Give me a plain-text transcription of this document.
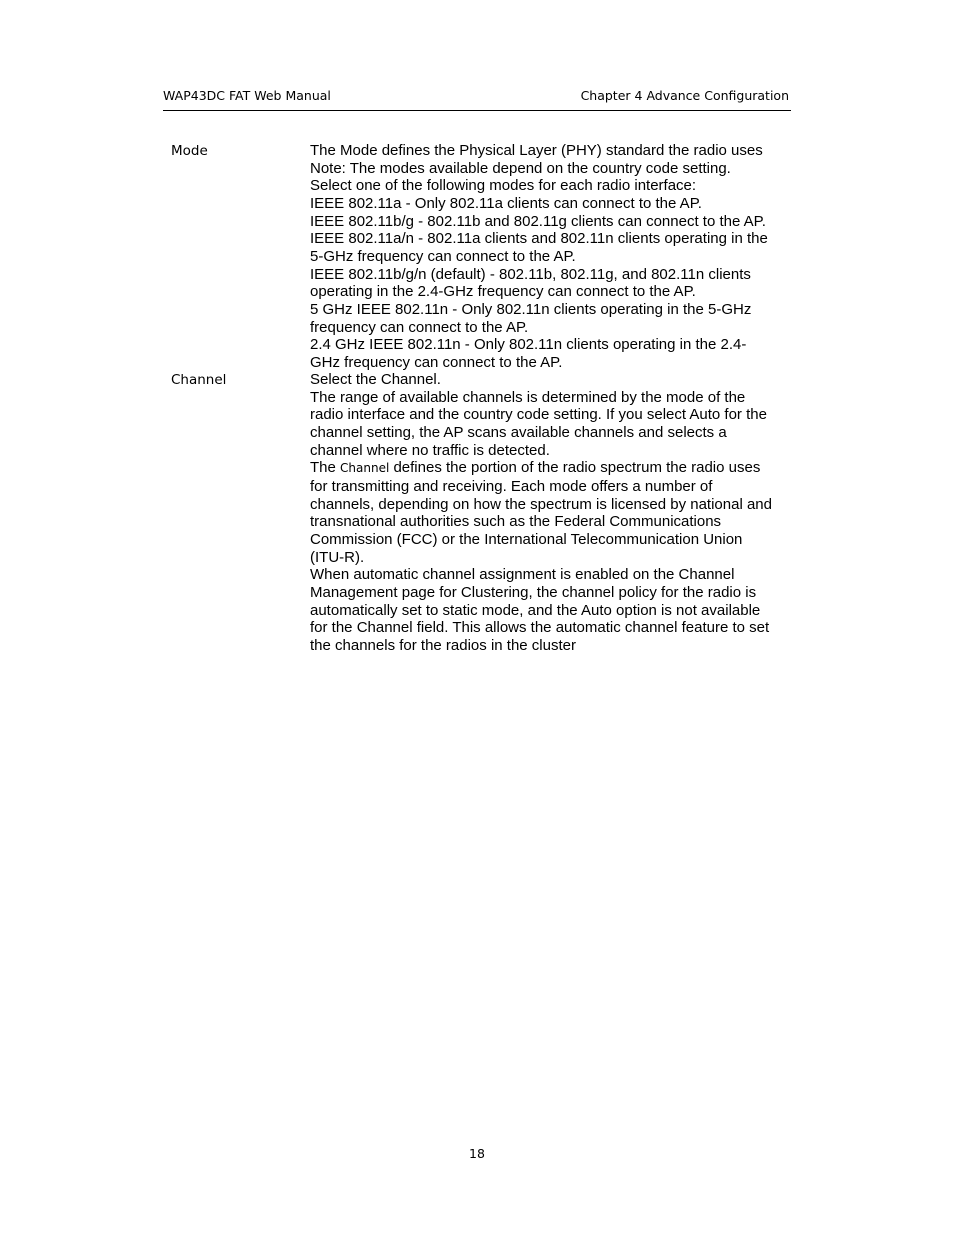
WAP43DC FAT Web Manual	Chapter 4 Advance Configuration
Mode	The Mode defines the Physical Layer (PHY) standard the radio uses
Note: The modes available depend on the country code setting.
Select one of the following modes for each radio interface:
IEEE 802.11a - Only 802.11a clients can connect to the AP.
IEEE 802.11b/g - 802.11b and 802.11g clients can connect to the AP.
IEEE 802.11a/n - 802.11a clients and 802.11n clients operating in the
5-GHz frequency can connect to the AP.
IEEE 802.11b/g/n (default) - 802.11b, 802.11g, and 802.11n clients
operating in the 2.4-GHz frequency can connect to the AP.
5 GHz IEEE 802.11n - Only 802.11n clients operating in the 5-GHz
frequency can connect to the AP.
2.4 GHz IEEE 802.11n - Only 802.11n clients operating in the 2.4-
GHz frequency can connect to the AP.
Channel	Select the Channel.
The range of available channels is determined by the mode of the
radio interface and the country code setting. If you select Auto for the
channel setting, the AP scans available channels and selects a
channel where no traffic is detected.
The Channel defines the portion of the radio spectrum the radio uses
for transmitting and receiving. Each mode offers a number of
channels, depending on how the spectrum is licensed by national and
transnational authorities such as the Federal Communications
Commission (FCC) or the International Telecommunication Union
(ITU-R).
When automatic channel assignment is enabled on the Channel
Management page for Clustering, the channel policy for the radio is
automatically set to static mode, and the Auto option is not available
for the Channel field. This allows the automatic channel feature to set
the channels for the radios in the cluster
18
